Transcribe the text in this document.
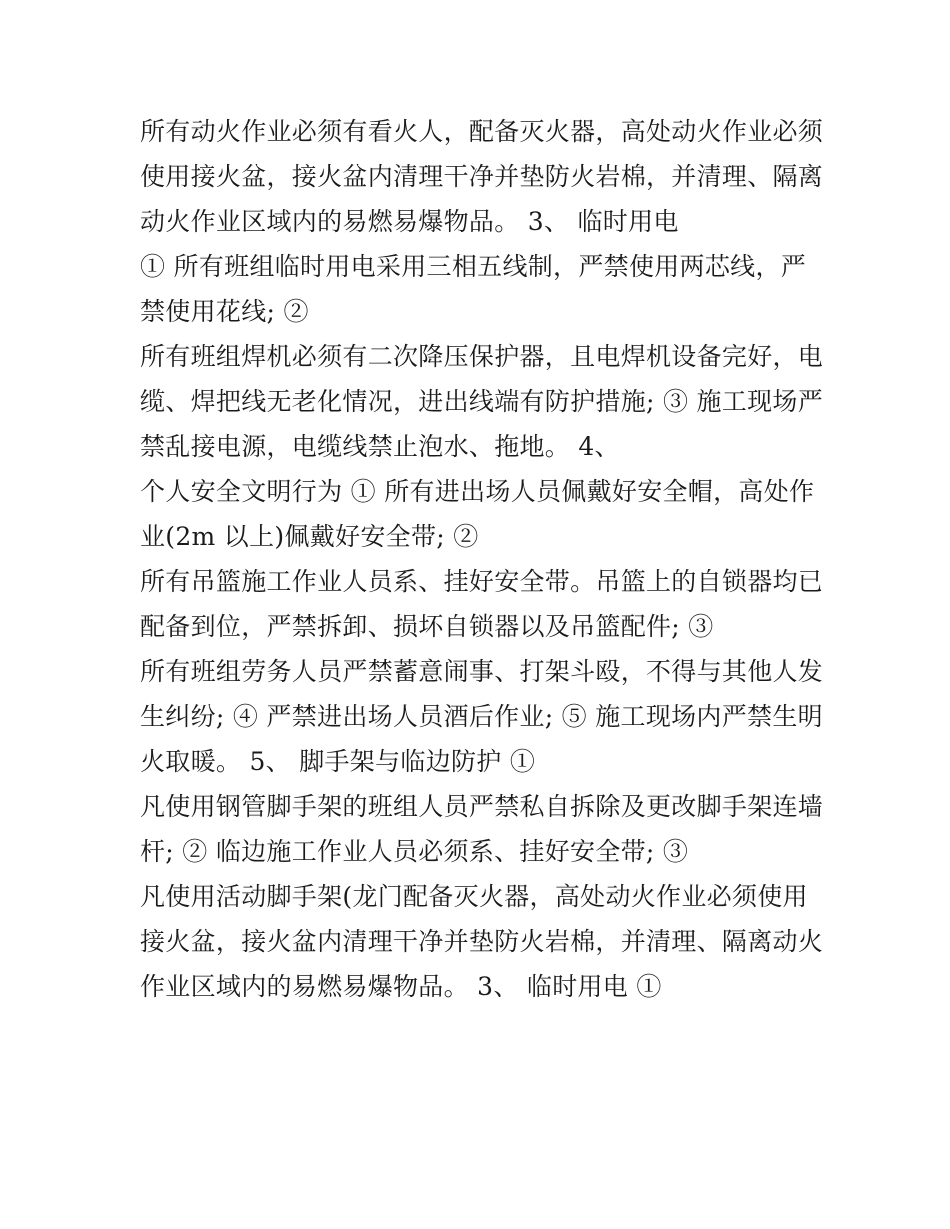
所有动火作业必须有看火人，配备灭火器，高处动火作业必须

使用接火盆，接火盆内清理干净并垫防火岩棉，并清理、隔离

动火作业区域内的易燃易爆物品。 3、 临时用电

① 所有班组临时用电采用三相五线制，严禁使用两芯线，严

禁使用花线; ②

所有班组焊机必须有二次降压保护器，且电焊机设备完好，电

缆、焊把线无老化情况，进出线端有防护措施; ③ 施工现场严

禁乱接电源，电缆线禁止泡水、拖地。 4、

个人安全文明行为 ① 所有进出场人员佩戴好安全帽，高处作

业(2m 以上)佩戴好安全带; ②

所有吊篮施工作业人员系、挂好安全带。吊篮上的自锁器均已

配备到位，严禁拆卸、损坏自锁器以及吊篮配件; ③

所有班组劳务人员严禁蓄意闹事、打架斗殴，不得与其他人发

生纠纷; ④ 严禁进出场人员酒后作业; ⑤ 施工现场内严禁生明

火取暖。 5、 脚手架与临边防护 ①

凡使用钢管脚手架的班组人员严禁私自拆除及更改脚手架连墙

杆; ② 临边施工作业人员必须系、挂好安全带; ③

凡使用活动脚手架(龙门配备灭火器，高处动火作业必须使用

接火盆，接火盆内清理干净并垫防火岩棉，并清理、隔离动火

作业区域内的易燃易爆物品。 3、 临时用电 ①
